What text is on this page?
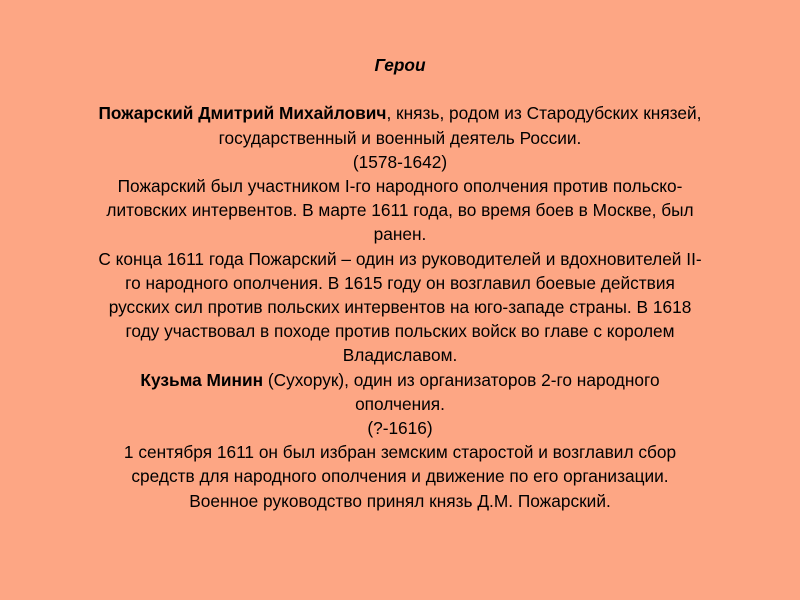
Герои

Пожарский Дмитрий Михайлович, князь, родом из Стародубских князей,

государственный и военный деятель России.

(1578-1642)

Пожарский был участником I-го народного ополчения против польско-

литовских интервентов. В марте 1611 года, во время боев в Москве, был

ранен.

С конца 1611 года Пожарский – один из руководителей и вдохновителей II-

го народного ополчения. В 1615 году он возглавил боевые действия

русских сил против польских интервентов на юго-западе страны. В 1618

году участвовал в походе против польских войск во главе с королем

Владиславом.

Кузьма Минин (Сухорук), один из организаторов 2-го народного

ополчения.

(?-1616)

1 сентября 1611 он был избран земским старостой и возглавил сбор

средств для народного ополчения и движение по его организации.

Военное руководство принял князь Д.М. Пожарский.
